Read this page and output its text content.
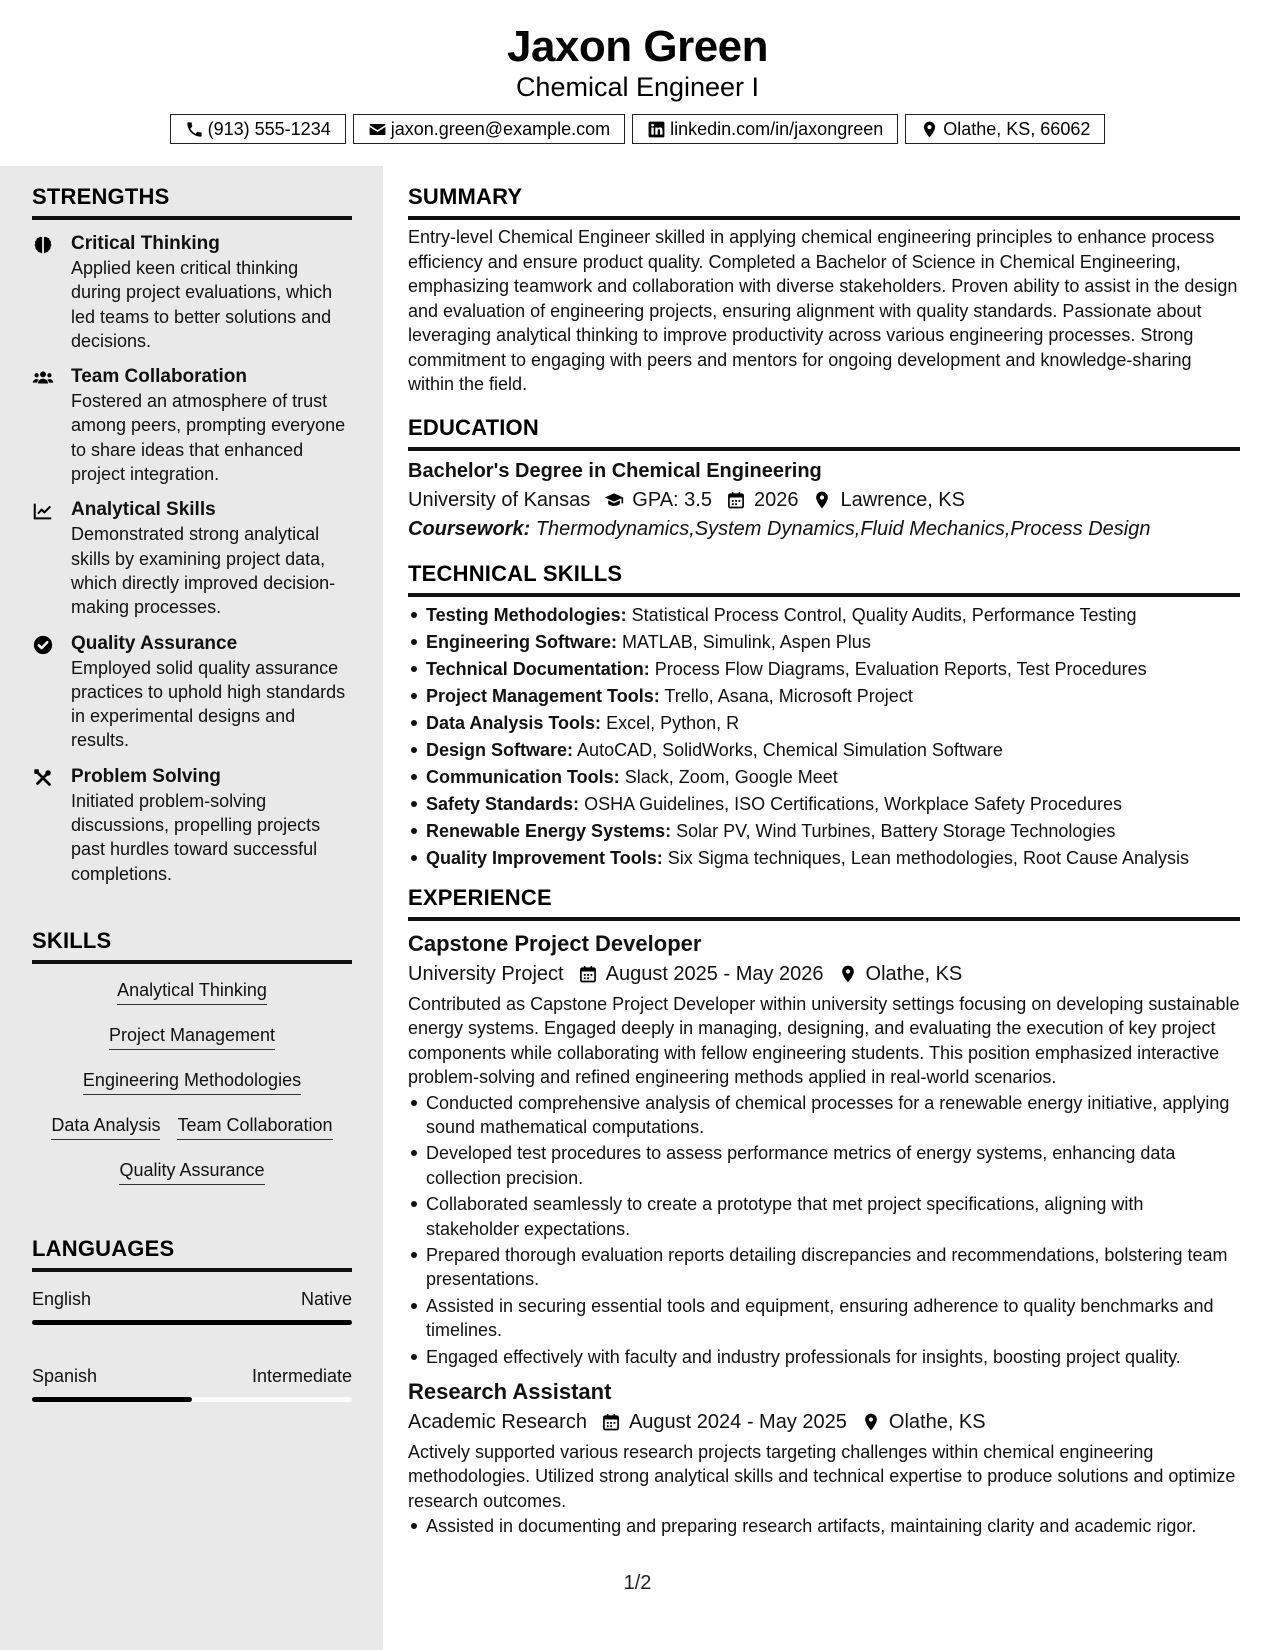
Jaxon Green
Chemical Engineer I
(913) 555-1234	jaxon.green@example.com	linkedin.com/in/jaxongreen	Olathe, KS, 66062
STRENGTHS
Critical Thinking
Applied keen critical thinking during project evaluations, which led teams to better solutions and decisions.
Team Collaboration
Fostered an atmosphere of trust among peers, prompting everyone to share ideas that enhanced project integration.
Analytical Skills
Demonstrated strong analytical skills by examining project data, which directly improved decision-making processes.
Quality Assurance
Employed solid quality assurance practices to uphold high standards in experimental designs and results.
Problem Solving
Initiated problem-solving discussions, propelling projects past hurdles toward successful completions.
SKILLS
Analytical Thinking
Project Management
Engineering Methodologies
Data Analysis Team Collaboration
Quality Assurance
LANGUAGES
English	Native
Spanish	Intermediate
SUMMARY
Entry-level Chemical Engineer skilled in applying chemical engineering principles to enhance process efficiency and ensure product quality. Completed a Bachelor of Science in Chemical Engineering, emphasizing teamwork and collaboration with diverse stakeholders. Proven ability to assist in the design and evaluation of engineering projects, ensuring alignment with quality standards. Passionate about leveraging analytical thinking to improve productivity across various engineering processes. Strong commitment to engaging with peers and mentors for ongoing development and knowledge-sharing within the field.
EDUCATION
Bachelor's Degree in Chemical Engineering
University of Kansas GPA: 3.5 2026 Lawrence, KS
Coursework: Thermodynamics,System Dynamics,Fluid Mechanics,Process Design
TECHNICAL SKILLS
Testing Methodologies: Statistical Process Control, Quality Audits, Performance Testing
Engineering Software: MATLAB, Simulink, Aspen Plus
Technical Documentation: Process Flow Diagrams, Evaluation Reports, Test Procedures
Project Management Tools: Trello, Asana, Microsoft Project
Data Analysis Tools: Excel, Python, R
Design Software: AutoCAD, SolidWorks, Chemical Simulation Software
Communication Tools: Slack, Zoom, Google Meet
Safety Standards: OSHA Guidelines, ISO Certifications, Workplace Safety Procedures
Renewable Energy Systems: Solar PV, Wind Turbines, Battery Storage Technologies
Quality Improvement Tools: Six Sigma techniques, Lean methodologies, Root Cause Analysis
EXPERIENCE
Capstone Project Developer
University Project August 2025 - May 2026 Olathe, KS
Contributed as Capstone Project Developer within university settings focusing on developing sustainable energy systems. Engaged deeply in managing, designing, and evaluating the execution of key project components while collaborating with fellow engineering students. This position emphasized interactive problem-solving and refined engineering methods applied in real-world scenarios.
Conducted comprehensive analysis of chemical processes for a renewable energy initiative, applying sound mathematical computations.
Developed test procedures to assess performance metrics of energy systems, enhancing data collection precision.
Collaborated seamlessly to create a prototype that met project specifications, aligning with stakeholder expectations.
Prepared thorough evaluation reports detailing discrepancies and recommendations, bolstering team presentations.
Assisted in securing essential tools and equipment, ensuring adherence to quality benchmarks and timelines.
Engaged effectively with faculty and industry professionals for insights, boosting project quality.
Research Assistant
Academic Research August 2024 - May 2025 Olathe, KS
Actively supported various research projects targeting challenges within chemical engineering methodologies. Utilized strong analytical skills and technical expertise to produce solutions and optimize research outcomes.
Assisted in documenting and preparing research artifacts, maintaining clarity and academic rigor.
1/2
